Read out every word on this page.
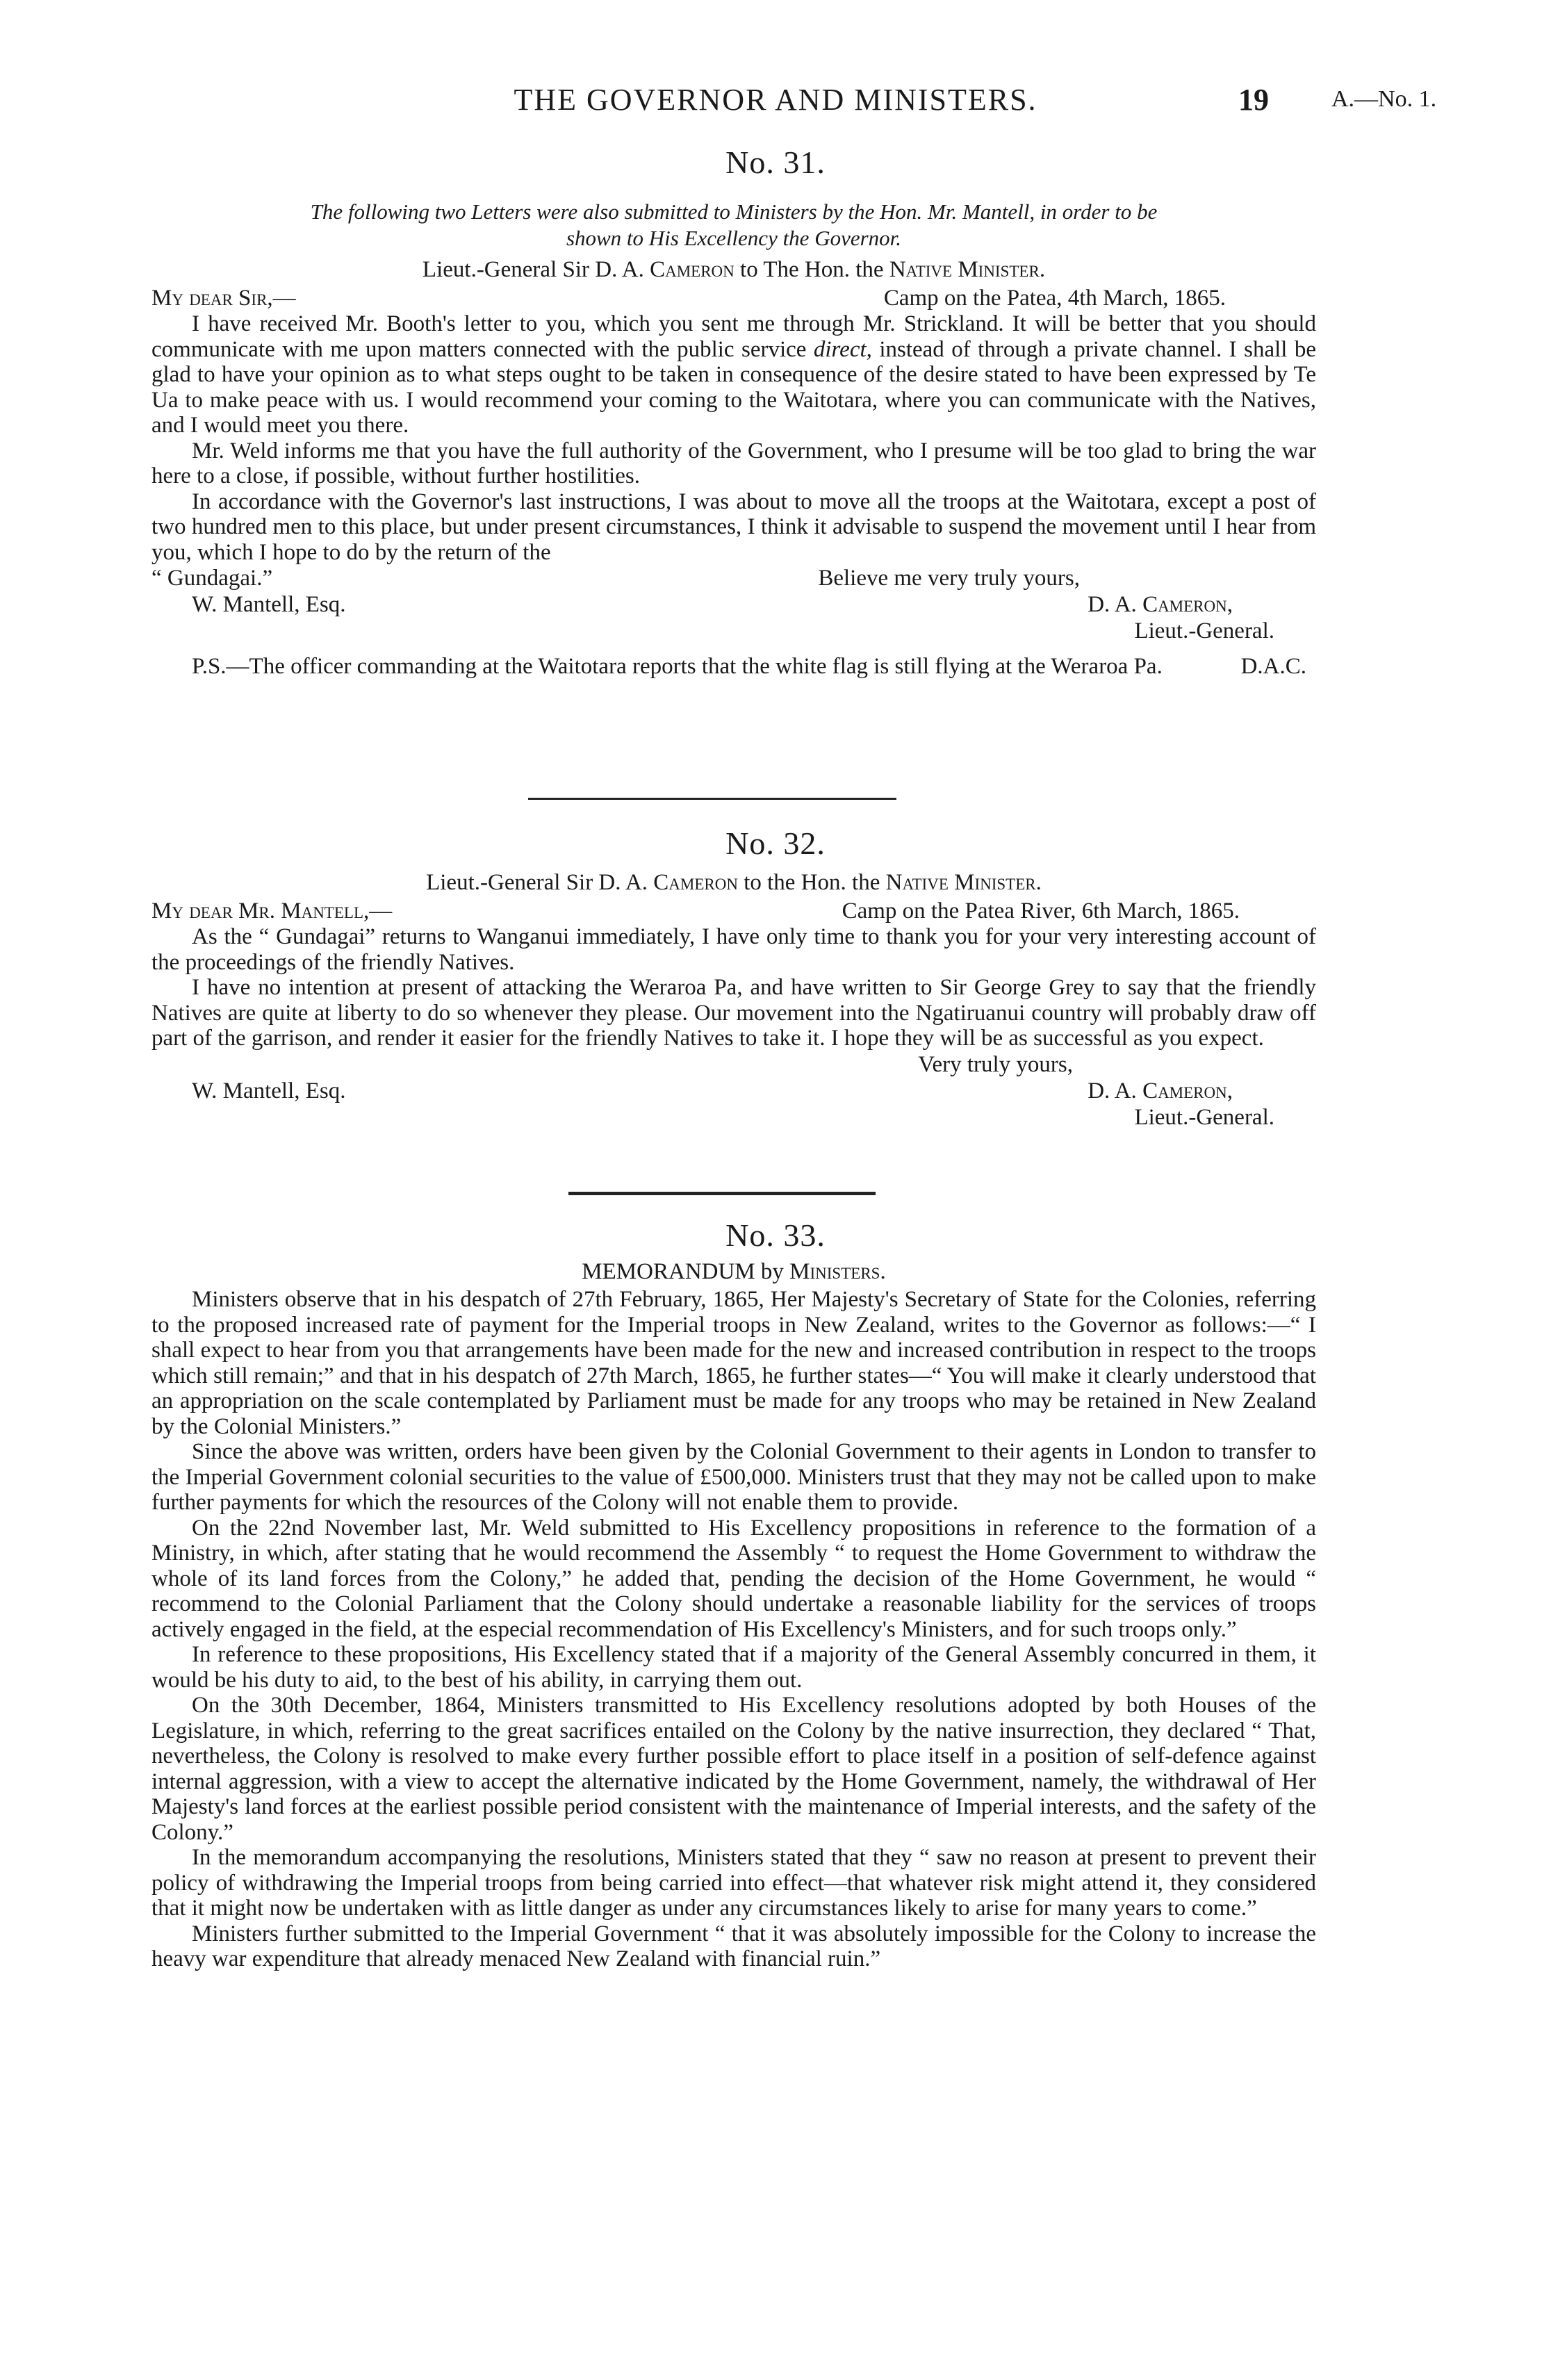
THE GOVERNOR AND MINISTERS.	19	A.—No. 1.
No. 31.
The following two Letters were also submitted to Ministers by the Hon. Mr. Mantell, in order to be
shown to His Excellency the Governor.
Lieut.-General Sir D. A. Cameron to The Hon. the Native Minister.
My dear Sir,—	Camp on the Patea, 4th March, 1865.

I have received Mr. Booth's letter to you, which you sent me through Mr. Strickland. It will be better that you should communicate with me upon matters connected with the public service direct, instead of through a private channel. I shall be glad to have your opinion as to what steps ought to be taken in consequence of the desire stated to have been expressed by Te Ua to make peace with us. I would recommend your coming to the Waitotara, where you can communicate with the Natives, and I would meet you there.

Mr. Weld informs me that you have the full authority of the Government, who I presume will be too glad to bring the war here to a close, if possible, without further hostilities.

In accordance with the Governor's last instructions, I was about to move all the troops at the Waitotara, except a post of two hundred men to this place, but under present circumstances, I think it advisable to suspend the movement until I hear from you, which I hope to do by the return of the

“ Gundagai.”	Believe me very truly yours,
W. Mantell, Esq.	D. A. Cameron,
Lieut.-General.

P.S.—The officer commanding at the Waitotara reports that the white flag is still flying at the Weraroa Pa.	D.A.C.
No. 32.
Lieut.-General Sir D. A. Cameron to the Hon. the Native Minister.
My dear Mr. Mantell,—	Camp on the Patea River, 6th March, 1865.

As the “ Gundagai” returns to Wanganui immediately, I have only time to thank you for your very interesting account of the proceedings of the friendly Natives.

I have no intention at present of attacking the Weraroa Pa, and have written to Sir George Grey to say that the friendly Natives are quite at liberty to do so whenever they please. Our movement into the Ngatiruanui country will probably draw off part of the garrison, and render it easier for the friendly Natives to take it. I hope they will be as successful as you expect.

Very truly yours,
W. Mantell, Esq.	D. A. Cameron,
Lieut.-General.
No. 33.
MEMORANDUM by Ministers.

Ministers observe that in his despatch of 27th February, 1865, Her Majesty's Secretary of State for the Colonies, referring to the proposed increased rate of payment for the Imperial troops in New Zealand, writes to the Governor as follows:—“ I shall expect to hear from you that arrangements have been made for the new and increased contribution in respect to the troops which still remain;” and that in his despatch of 27th March, 1865, he further states—“ You will make it clearly understood that an appropriation on the scale contemplated by Parliament must be made for any troops who may be retained in New Zealand by the Colonial Ministers.”

Since the above was written, orders have been given by the Colonial Government to their agents in London to transfer to the Imperial Government colonial securities to the value of £500,000. Ministers trust that they may not be called upon to make further payments for which the resources of the Colony will not enable them to provide.

On the 22nd November last, Mr. Weld submitted to His Excellency propositions in reference to the formation of a Ministry, in which, after stating that he would recommend the Assembly “ to request the Home Government to withdraw the whole of its land forces from the Colony,” he added that, pending the decision of the Home Government, he would “ recommend to the Colonial Parliament that the Colony should undertake a reasonable liability for the services of troops actively engaged in the field, at the especial recommendation of His Excellency's Ministers, and for such troops only.”

In reference to these propositions, His Excellency stated that if a majority of the General Assembly concurred in them, it would be his duty to aid, to the best of his ability, in carrying them out.

On the 30th December, 1864, Ministers transmitted to His Excellency resolutions adopted by both Houses of the Legislature, in which, referring to the great sacrifices entailed on the Colony by the native insurrection, they declared “ That, nevertheless, the Colony is resolved to make every further possible effort to place itself in a position of self-defence against internal aggression, with a view to accept the alternative indicated by the Home Government, namely, the withdrawal of Her Majesty's land forces at the earliest possible period consistent with the maintenance of Imperial interests, and the safety of the Colony.”

In the memorandum accompanying the resolutions, Ministers stated that they “ saw no reason at present to prevent their policy of withdrawing the Imperial troops from being carried into effect—that whatever risk might attend it, they considered that it might now be undertaken with as little danger as under any circumstances likely to arise for many years to come.”

Ministers further submitted to the Imperial Government “ that it was absolutely impossible for the Colony to increase the heavy war expenditure that already menaced New Zealand with financial ruin.”
